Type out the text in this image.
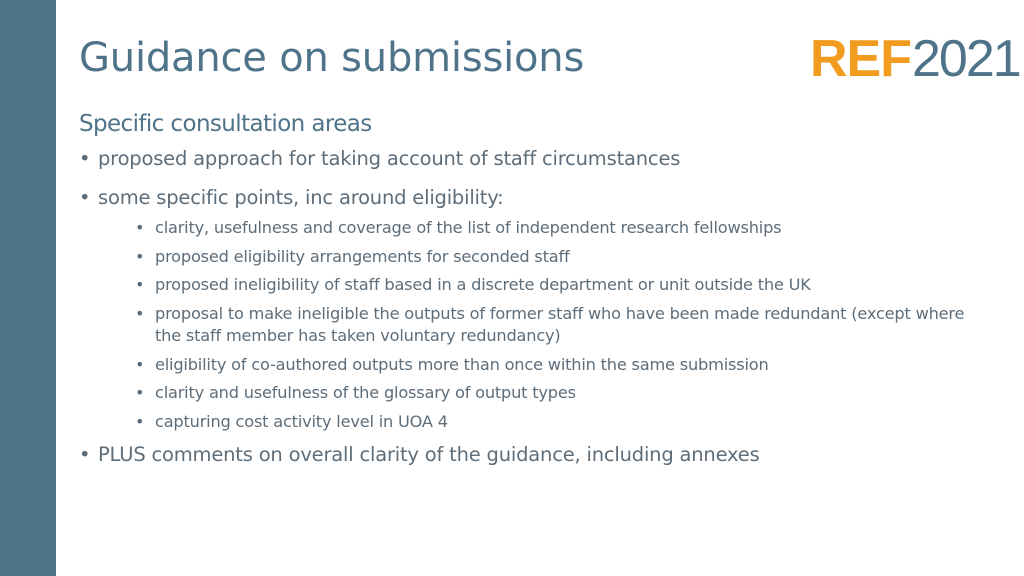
Guidance on submissions	REF 2021
Specific consultation areas
• proposed approach for taking account of staff circumstances
• some specific points, inc around eligibility:
• clarity, usefulness and coverage of the list of independent research fellowships
• proposed eligibility arrangements for seconded staff
• proposed ineligibility of staff based in a discrete department or unit outside the UK
• proposal to make ineligible the outputs of former staff who have been made redundant (except where the staff member has taken voluntary redundancy)
• eligibility of co-authored outputs more than once within the same submission
• clarity and usefulness of the glossary of output types
• capturing cost activity level in UOA 4
• PLUS comments on overall clarity of the guidance, including annexes
